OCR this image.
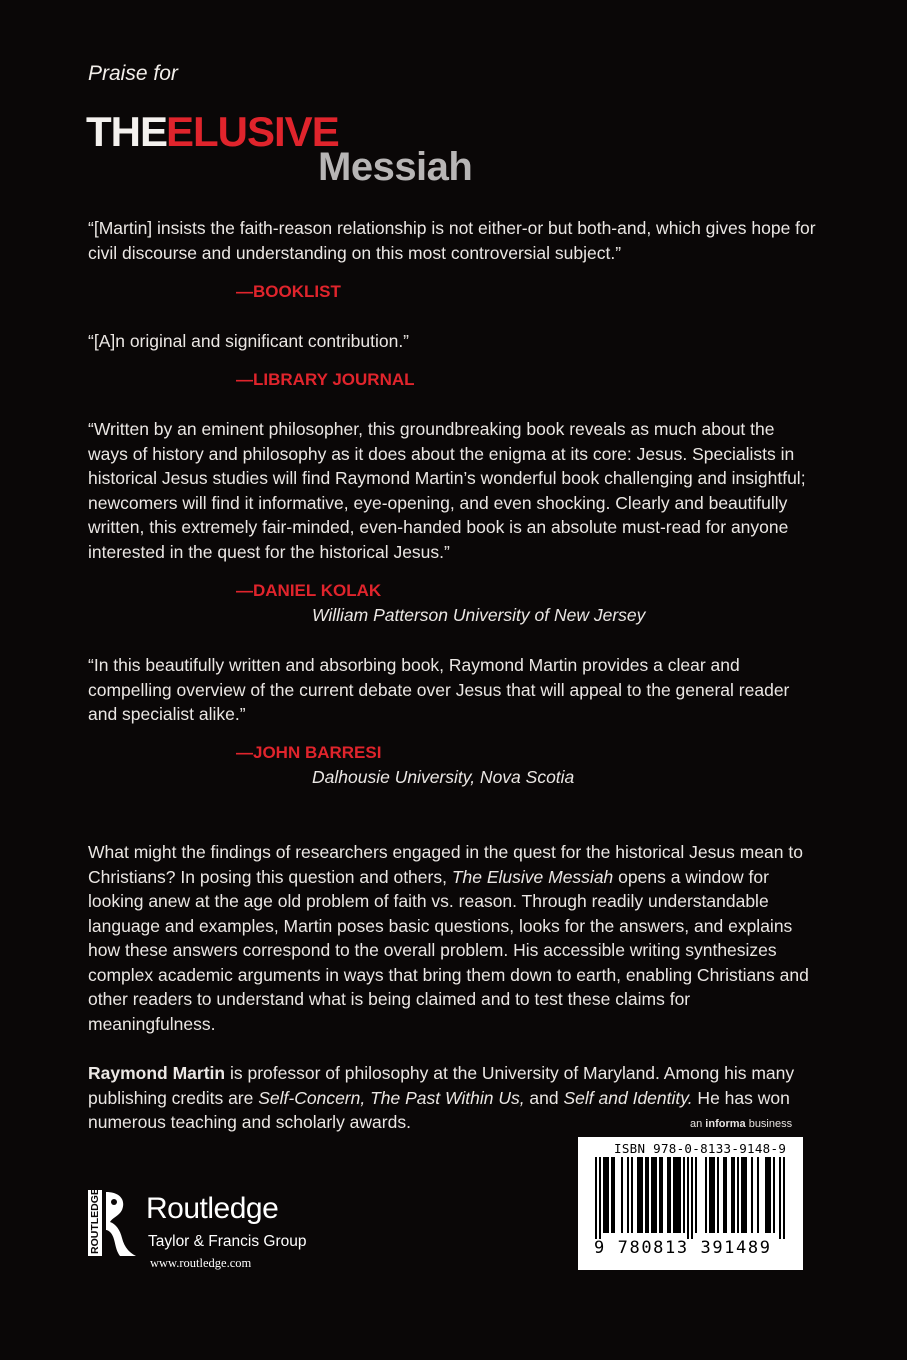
Praise for
THE ELUSIVE
Messiah
“[Martin] insists the faith-reason relationship is not either-or but both-and, which gives hope for civil discourse and understanding on this most controversial subject.”
—BOOKLIST
“[A]n original and significant contribution.”
—LIBRARY JOURNAL
“Written by an eminent philosopher, this groundbreaking book reveals as much about the ways of history and philosophy as it does about the enigma at its core: Jesus. Specialists in historical Jesus studies will find Raymond Martin’s wonderful book challenging and insightful; newcomers will find it informative, eye-opening, and even shocking. Clearly and beautifully written, this extremely fair-minded, even-handed book is an absolute must-read for anyone interested in the quest for the historical Jesus.”
—DANIEL KOLAK
William Patterson University of New Jersey
“In this beautifully written and absorbing book, Raymond Martin provides a clear and compelling overview of the current debate over Jesus that will appeal to the general reader and specialist alike.”
—JOHN BARRESI
Dalhousie University, Nova Scotia
What might the findings of researchers engaged in the quest for the historical Jesus mean to Christians? In posing this question and others, The Elusive Messiah opens a window for looking anew at the age old problem of faith vs. reason. Through readily understandable language and examples, Martin poses basic questions, looks for the answers, and explains how these answers correspond to the overall problem. His accessible writing synthesizes complex academic arguments in ways that bring them down to earth, enabling Christians and other readers to understand what is being claimed and to test these claims for meaningfulness.
Raymond Martin is professor of philosophy at the University of Maryland. Among his many publishing credits are Self-Concern, The Past Within Us, and Self and Identity. He has won numerous teaching and scholarly awards.	an informa business
ISBN 978-0-8133-9148-9
9 780813 391489
ROUTLEDGE Routledge
Taylor & Francis Group
www.routledge.com
